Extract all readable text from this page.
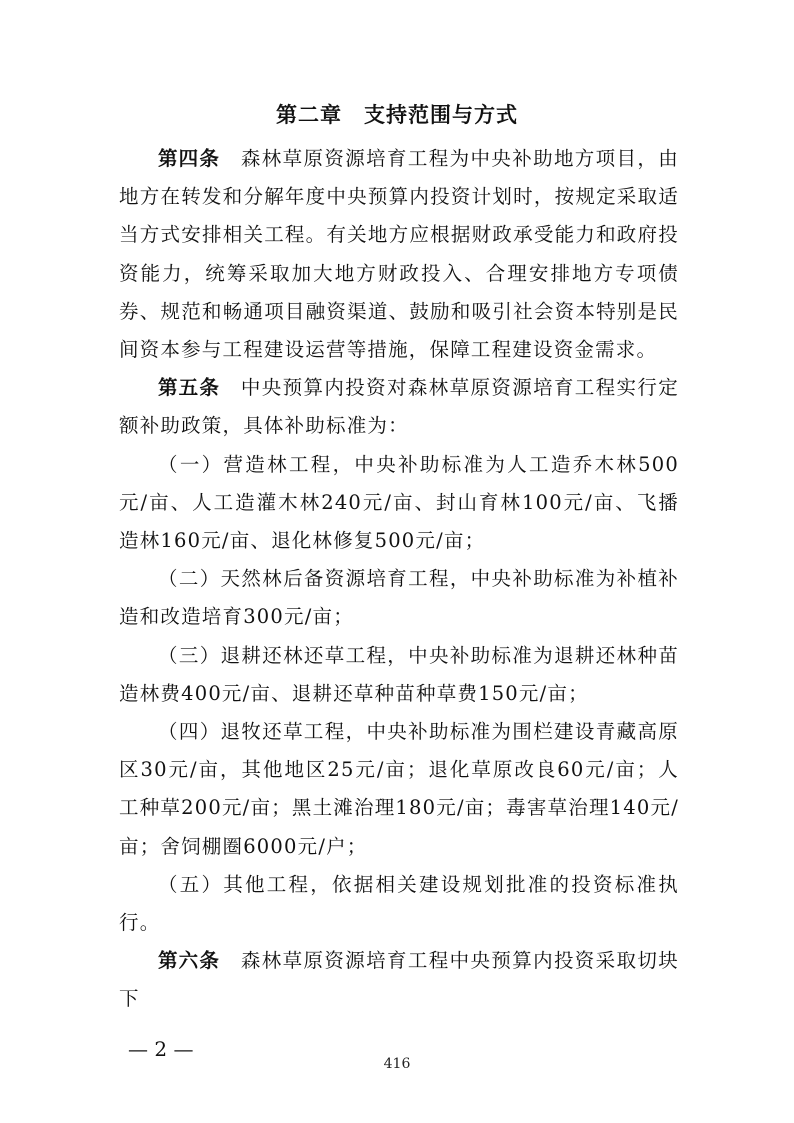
第二章　支持范围与方式

第四条　 森林草原资源培育工程为中央补助地方项目，由地方在转发和分解年度中央预算内投资计划时，按规定采取适当方式安排相关工程。有关地方应根据财政承受能力和政府投资能力，统筹采取加大地方财政投入、合理安排地方专项债券、规范和畅通项目融资渠道、鼓励和吸引社会资本特别是民间资本参与工程建设运营等措施，保障工程建设资金需求。

第五条　 中央预算内投资对森林草原资源培育工程实行定额补助政策，具体补助标准为：

（一）营造林工程，中央补助标准为人工造乔木林500元/亩、人工造灌木林240元/亩、封山育林100元/亩、飞播造林160元/亩、退化林修复500元/亩；

（二）天然林后备资源培育工程，中央补助标准为补植补造和改造培育300元/亩；

（三）退耕还林还草工程，中央补助标准为退耕还林种苗造林费400元/亩、退耕还草种苗种草费150元/亩；

（四）退牧还草工程，中央补助标准为围栏建设青藏高原区30元/亩，其他地区25元/亩；退化草原改良60元/亩；人工种草200元/亩；黑土滩治理180元/亩；毒害草治理140元/亩；舍饲棚圈6000元/户；

（五）其他工程，依据相关建设规划批准的投资标准执行。

第六条　 森林草原资源培育工程中央预算内投资采取切块下

— 2 —
416
